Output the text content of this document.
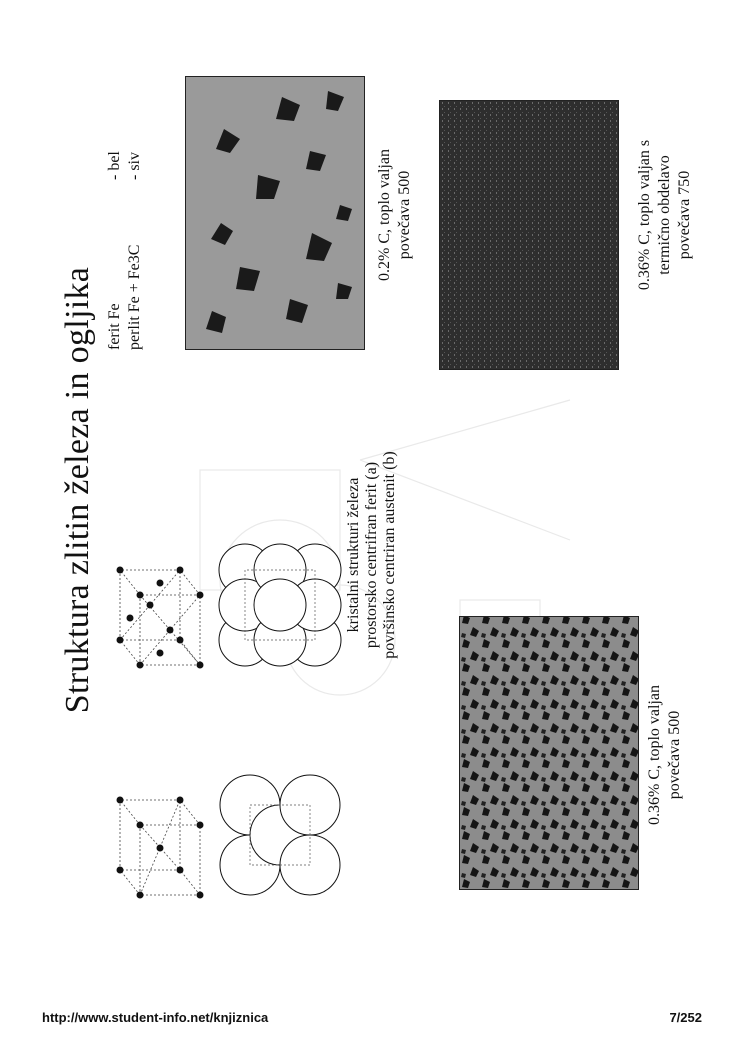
Struktura zlitin železa in ogljika ferit Fe
- bel
perlit Fe + Fe3C
- siv
kristalni strukturi železa prostorsko centrifran ferit (a) površinsko centriran austenit (b)
0.2% C, toplo valjan povečava 500	0.36% C, toplo valjan s termično obdelavo povečava 750
0.36% C, toplo valjan povečava 500
http://www.student-info.net/knjiznica	7/252
